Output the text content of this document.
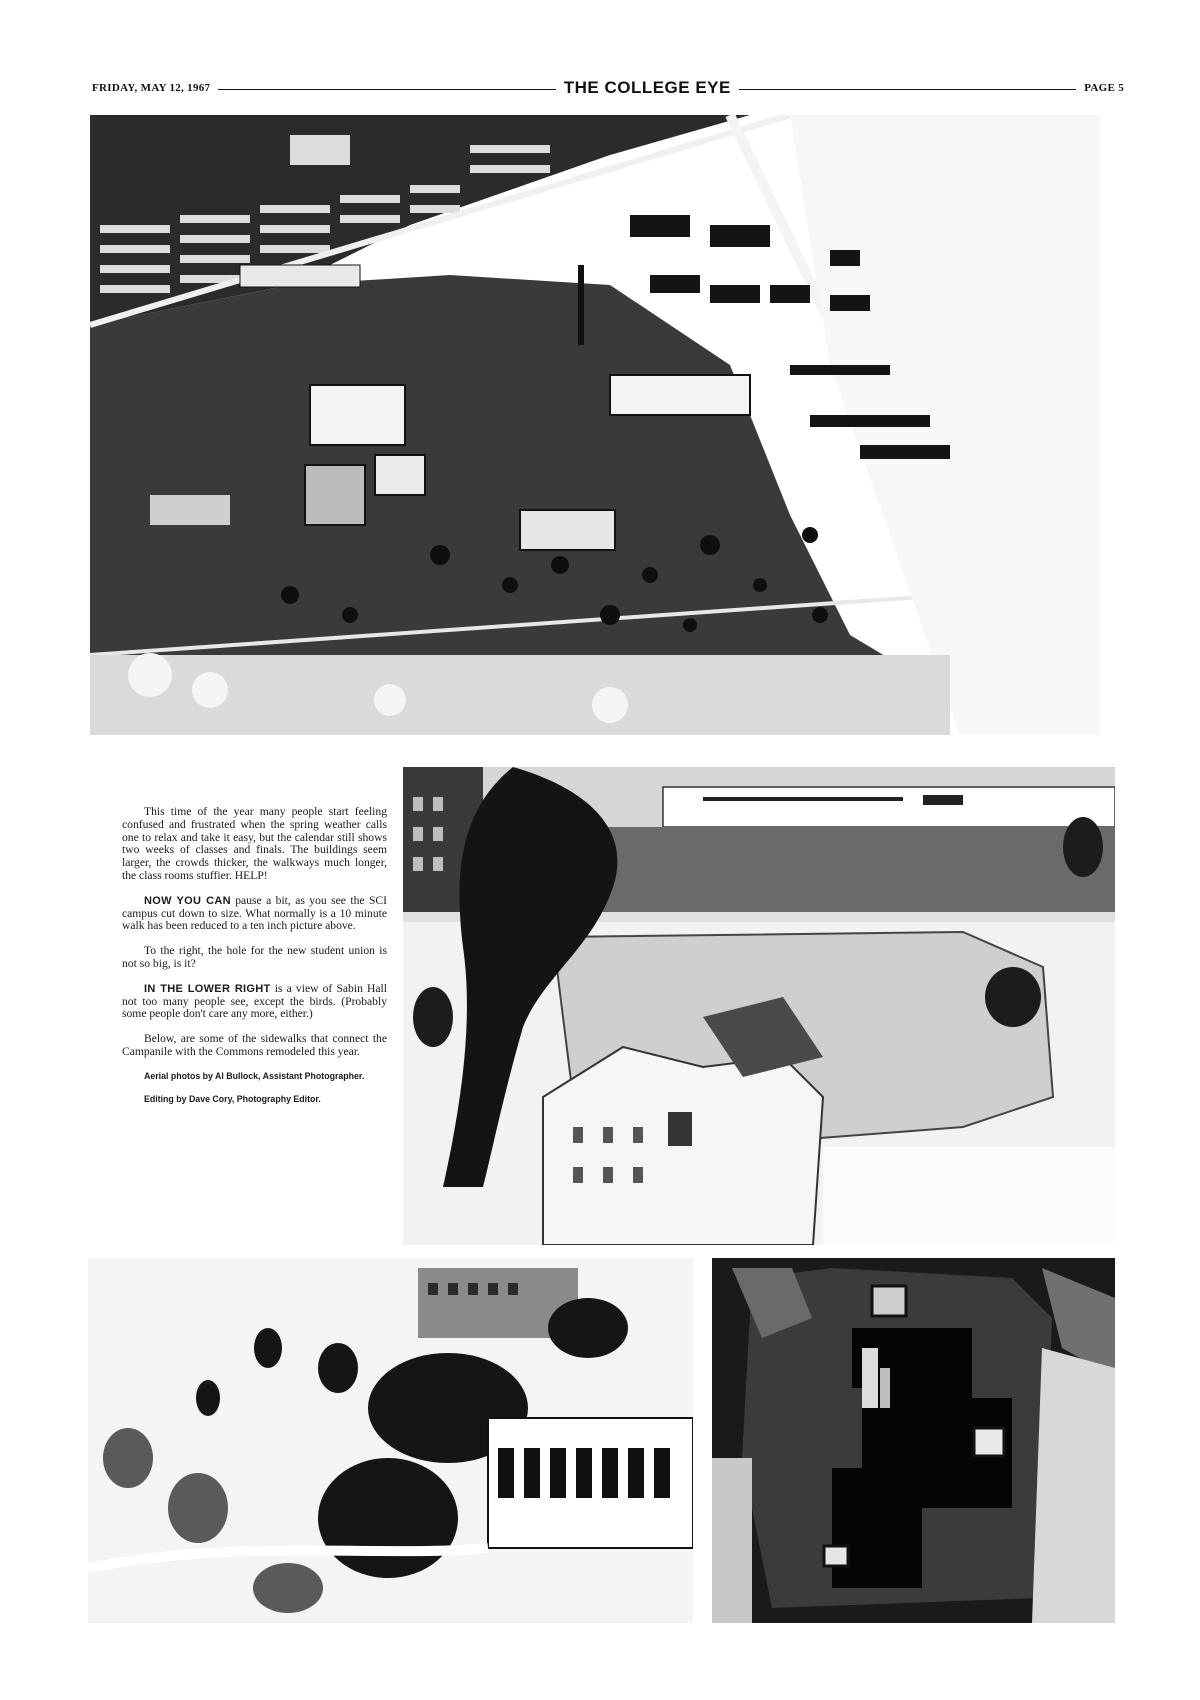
FRIDAY, MAY 12, 1967	THE COLLEGE EYE	PAGE 5

This time of the year many people start feeling confused and frustrated when the spring weather calls one to relax and take it easy, but the calendar still shows two weeks of classes and finals. The buildings seem larger, the crowds thicker, the walkways much longer, the class rooms stuffier. HELP!

NOW YOU CAN pause a bit, as you see the SCI campus cut down to size. What normally is a 10 minute walk has been reduced to a ten inch picture above.

To the right, the hole for the new student union is not so big, is it?

IN THE LOWER RIGHT is a view of Sabin Hall not too many people see, except the birds. (Probably some people don't care any more, either.)

Below, are some of the sidewalks that connect the Campanile with the Commons remodeled this year.

Aerial photos by Al Bullock, Assistant Photographer.

Editing by Dave Cory, Photography Editor.
